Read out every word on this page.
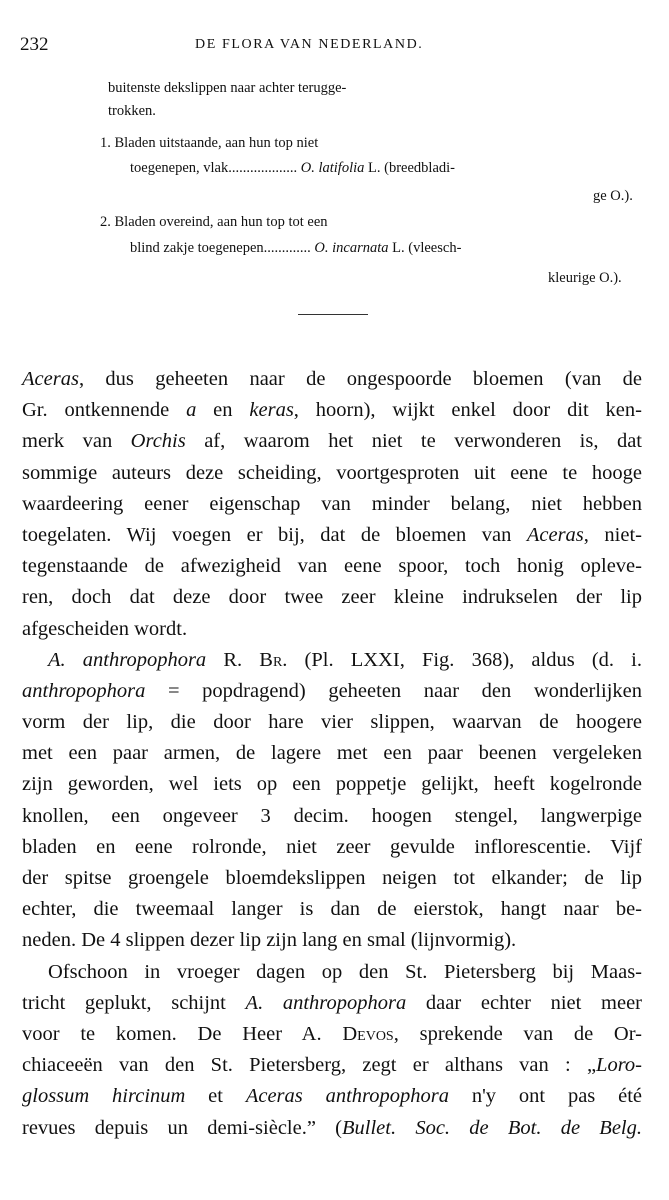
232	DE FLORA VAN NEDERLAND.
buitenste dekslippen naar achter terugge-
trokken.
1. Bladen uitstaande, aan hun top niet
toegenepen, vlak................... O. latifolia L. (breedbladi-
ge O.).
2. Bladen overeind, aan hun top tot een
blind zakje toegenepen............. O. incarnata L. (vleesch-
kleurige O.).
Aceras, dus geheeten naar de ongespoorde bloemen (van de
Gr. ontkennende a en keras, hoorn), wijkt enkel door dit ken-
merk van Orchis af, waarom het niet te verwonderen is, dat
sommige auteurs deze scheiding, voortgesproten uit eene te hooge
waardeering eener eigenschap van minder belang, niet hebben
toegelaten. Wij voegen er bij, dat de bloemen van Aceras, niet-
tegenstaande de afwezigheid van eene spoor, toch honig opleve-
ren, doch dat deze door twee zeer kleine indrukselen der lip
afgescheiden wordt.
A. anthropophora R. Br. (Pl. LXXI, Fig. 368), aldus (d. i.
anthropophora = popdragend) geheeten naar den wonderlijken
vorm der lip, die door hare vier slippen, waarvan de hoogere
met een paar armen, de lagere met een paar beenen vergeleken
zijn geworden, wel iets op een poppetje gelijkt, heeft kogelronde
knollen, een ongeveer 3 decim. hoogen stengel, langwerpige
bladen en eene rolronde, niet zeer gevulde inflorescentie. Vijf
der spitse groengele bloemdekslippen neigen tot elkander; de lip
echter, die tweemaal langer is dan de eierstok, hangt naar be-
neden. De 4 slippen dezer lip zijn lang en smal (lijnvormig).
Ofschoon in vroeger dagen op den St. Pietersberg bij Maas-
tricht geplukt, schijnt A. anthropophora daar echter niet meer
voor te komen. De Heer A. Devos, sprekende van de Or-
chiaceeën van den St. Pietersberg, zegt er althans van : „Loro-
glossum hircinum et Aceras anthropophora n'y ont pas été
revues depuis un demi-siècle.” (Bullet. Soc. de Bot. de Belg.
